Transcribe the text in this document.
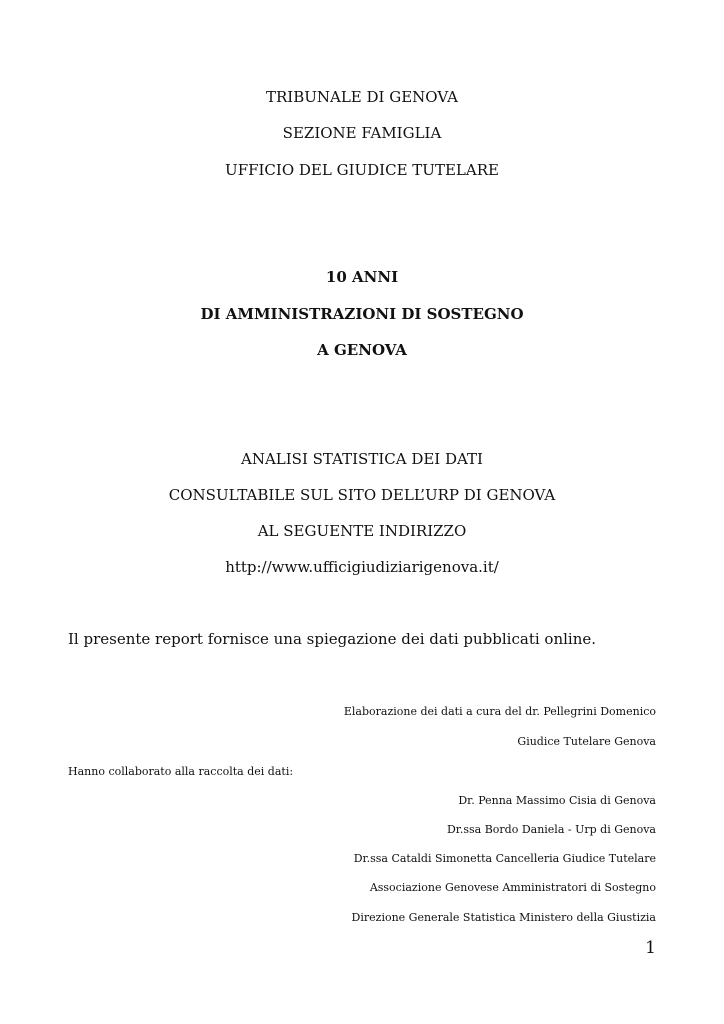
TRIBUNALE DI GENOVA

SEZIONE FAMIGLIA

UFFICIO DEL GIUDICE TUTELARE

10 ANNI

DI AMMINISTRAZIONI DI SOSTEGNO

A GENOVA

ANALISI STATISTICA DEI DATI

CONSULTABILE SUL SITO DELL’URP DI GENOVA

AL SEGUENTE INDIRIZZO

http://www.ufficigiudiziarigenova.it/

Il presente report fornisce una spiegazione dei dati pubblicati online.

Elaborazione dei dati a cura del dr. Pellegrini Domenico

Giudice Tutelare Genova

Hanno collaborato alla raccolta dei dati:

Dr. Penna Massimo Cisia di Genova

Dr.ssa Bordo Daniela - Urp di Genova

Dr.ssa Cataldi Simonetta Cancelleria Giudice Tutelare

Associazione Genovese Amministratori di Sostegno

Direzione Generale Statistica Ministero della Giustizia

1
